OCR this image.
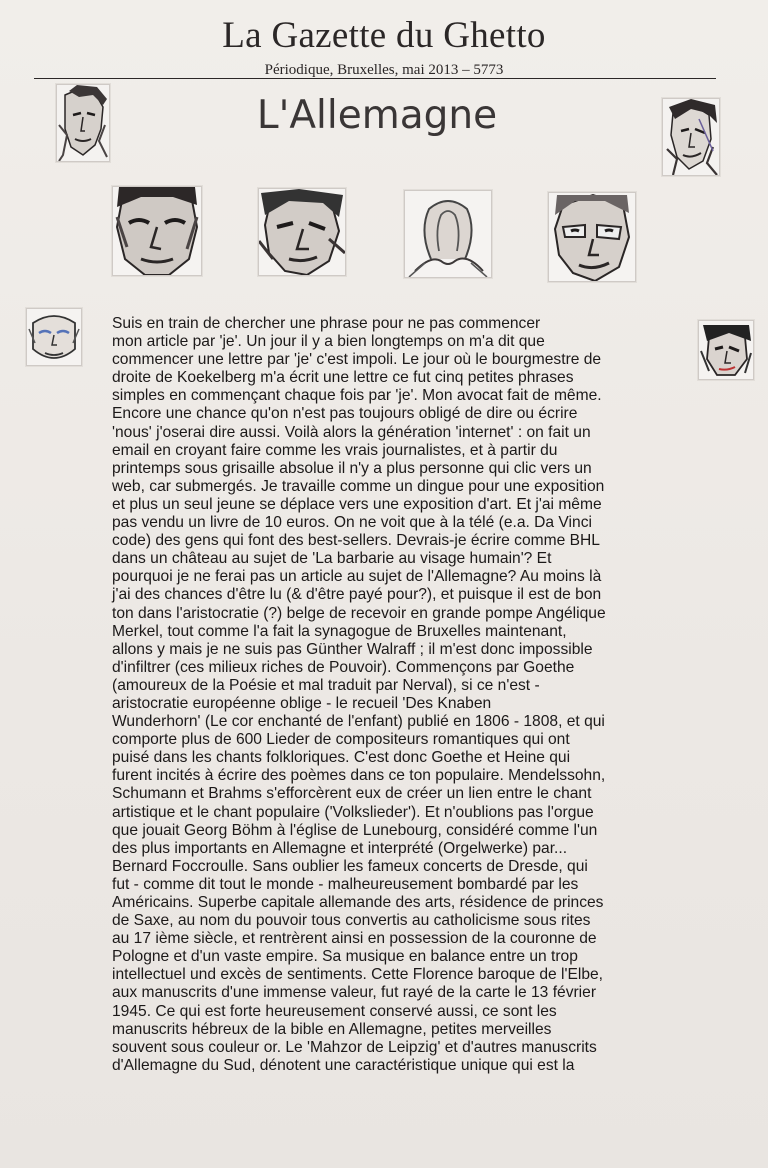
La Gazette du Ghetto
Périodique, Bruxelles, mai 2013 – 5773
L'Allemagne
Suis en train de chercher une phrase pour ne pas commencer
mon article par 'je'. Un jour il y a bien longtemps on m'a dit que
commencer une lettre par 'je' c'est impoli. Le jour où le bourgmestre de
droite de Koekelberg m'a écrit une lettre ce fut cinq petites phrases
simples en commençant chaque fois par 'je'. Mon avocat fait de même.
Encore une chance qu'on n'est pas toujours obligé de dire ou écrire
'nous' j'oserai dire aussi. Voilà alors la génération 'internet' : on fait un
email en croyant faire comme les vrais journalistes, et à partir du
printemps sous grisaille absolue il n'y a plus personne qui clic vers un
web, car submergés. Je travaille comme un dingue pour une exposition
et plus un seul jeune se déplace vers une exposition d'art. Et j'ai même
pas vendu un livre de 10 euros. On ne voit que à la télé (e.a. Da Vinci
code) des gens qui font des best-sellers. Devrais-je écrire comme BHL
dans un château au sujet de 'La barbarie au visage humain'? Et
pourquoi je ne ferai pas un article au sujet de l'Allemagne? Au moins là
j'ai des chances d'être lu (& d'être payé pour?), et puisque il est de bon
ton dans l'aristocratie (?) belge de recevoir en grande pompe Angélique
Merkel, tout comme l'a fait la synagogue de Bruxelles maintenant,
allons y mais je ne suis pas Günther Walraff ; il m'est donc impossible
d'infiltrer (ces milieux riches de Pouvoir). Commençons par Goethe
(amoureux de la Poésie et mal traduit par Nerval), si ce n'est -
aristocratie européenne oblige - le recueil 'Des Knaben
Wunderhorn' (Le cor enchanté de l'enfant) publié en 1806 - 1808, et qui
comporte plus de 600 Lieder de compositeurs romantiques qui ont
puisé dans les chants folkloriques. C'est donc Goethe et Heine qui
furent incités à écrire des poèmes dans ce ton populaire. Mendelssohn,
Schumann et Brahms s'efforcèrent eux de créer un lien entre le chant
artistique et le chant populaire ('Volkslieder'). Et n'oublions pas l'orgue
que jouait Georg Böhm à l'église de Lunebourg, considéré comme l'un
des plus importants en Allemagne et interprété (Orgelwerke) par...
Bernard Foccroulle. Sans oublier les fameux concerts de Dresde, qui
fut - comme dit tout le monde - malheureusement bombardé par les
Américains. Superbe capitale allemande des arts, résidence de princes
de Saxe, au nom du pouvoir tous convertis au catholicisme sous rites
au 17 ième siècle, et rentrèrent ainsi en possession de la couronne de
Pologne et d'un vaste empire. Sa musique en balance entre un trop
intellectuel und excès de sentiments. Cette Florence baroque de l'Elbe,
aux manuscrits d'une immense valeur, fut rayé de la carte le 13 février
1945. Ce qui est forte heureusement conservé aussi, ce sont les
manuscrits hébreux de la bible en Allemagne, petites merveilles
souvent sous couleur or. Le 'Mahzor de Leipzig' et d'autres manuscrits
d'Allemagne du Sud, dénotent une caractéristique unique qui est la
